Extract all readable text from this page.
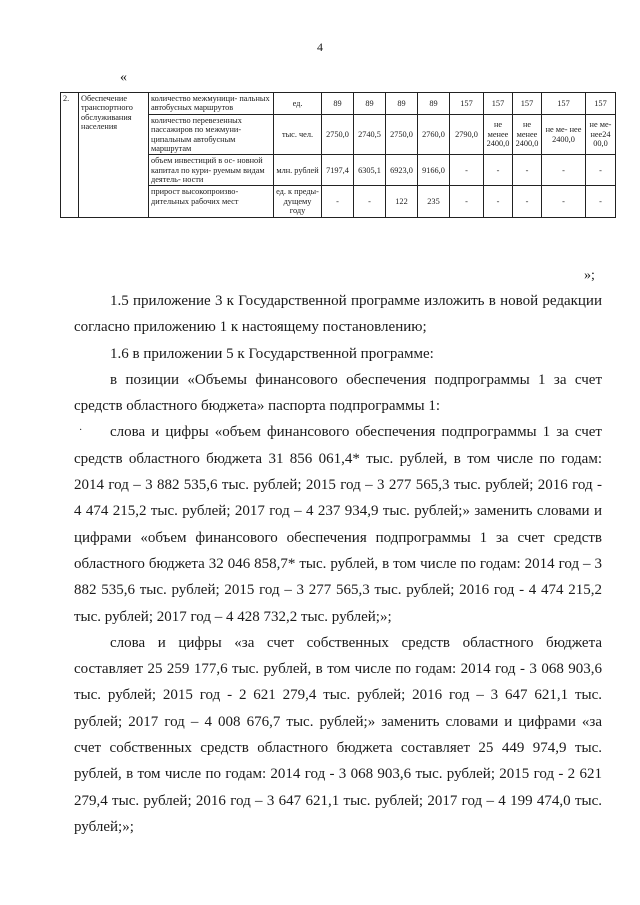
4
«
2.	Обеспечение транспортного обслуживания населения	количество межмуници- пальных автобусных маршрутов	ед.	89	89	89	89	157	157	157	157	157
		количество перевезенных пассажиров по межмуни- ципальным автобусным маршрутам	тыс. чел.	2750,0	2740,5	2750,0	2760,0	2790,0	не менее 2400,0	не менее 2400,0	не ме- нее 2400,0	не ме- нее24 00,0
		объем инвестиций в ос- новной капитал по кури- руемым видам деятель- ности	млн. рублей	7197,4	6305,1	6923,0	9166,0	-	-	-	-	-
		прирост высокопроизво- дительных рабочих мест	ед. к преды- дущему году	-	-	122	235	-	-	-	-	-
»;
·

1.5 приложение 3 к Государственной программе изложить в новой редакции согласно приложению 1 к настоящему постановлению;

1.6 в приложении 5 к Государственной программе:

в позиции «Объемы финансового обеспечения подпрограммы 1 за счет средств областного бюджета» паспорта подпрограммы 1:

слова и цифры «объем финансового обеспечения подпрограммы 1 за счет средств областного бюджета 31 856 061,4* тыс. рублей, в том числе по годам: 2014 год – 3 882 535,6 тыс. рублей; 2015 год – 3 277 565,3 тыс. рублей; 2016 год - 4 474 215,2 тыс. рублей; 2017 год – 4 237 934,9 тыс. рублей;» заменить словами и цифрами «объем финансового обеспечения подпрограммы 1 за счет средств областного бюджета 32 046 858,7* тыс. рублей, в том числе по годам: 2014 год – 3 882 535,6 тыс. рублей; 2015 год – 3 277 565,3 тыс. рублей; 2016 год - 4 474 215,2 тыс. рублей; 2017 год – 4 428 732,2 тыс. рублей;»;

слова и цифры «за счет собственных средств областного бюджета составляет 25 259 177,6 тыс. рублей, в том числе по годам: 2014 год - 3 068 903,6 тыс. рублей; 2015 год - 2 621 279,4 тыс. рублей; 2016 год – 3 647 621,1 тыс. рублей; 2017 год – 4 008 676,7 тыс. рублей;» заменить словами и цифрами «за счет собственных средств областного бюджета составляет 25 449 974,9 тыс. рублей, в том числе по годам: 2014 год - 3 068 903,6 тыс. рублей; 2015 год - 2 621 279,4 тыс. рублей; 2016 год – 3 647 621,1 тыс. рублей; 2017 год – 4 199 474,0 тыс. рублей;»;
